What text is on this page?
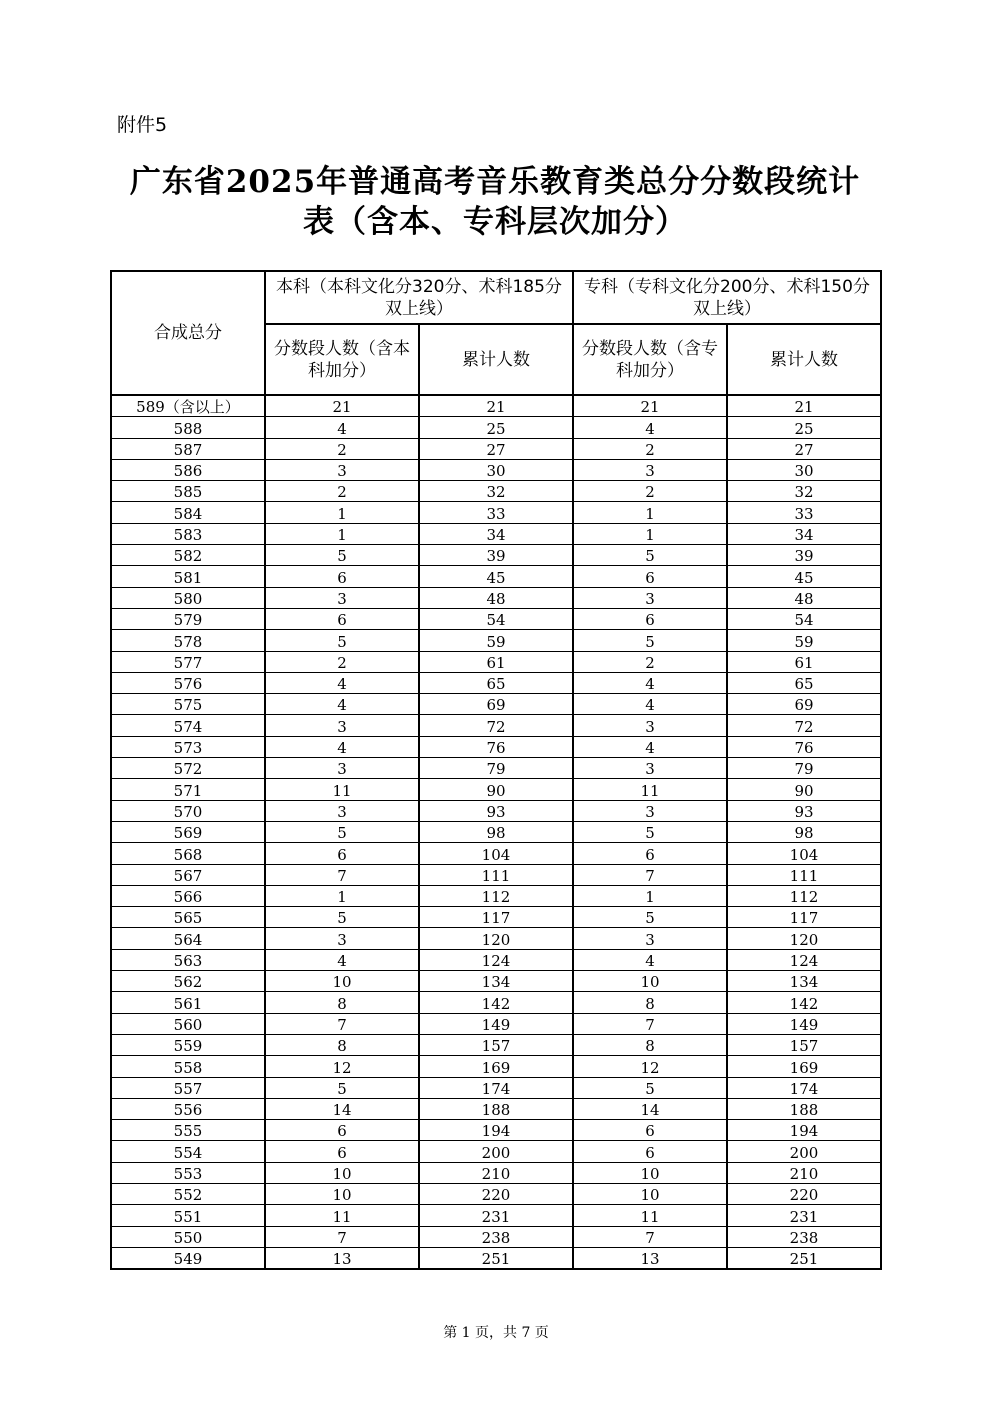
附件5
广东省2025年普通高考音乐教育类总分分数段统计
表（含本、专科层次加分）
合成总分	本科（本科文化分320分、术科185分双上线）		专科（专科文化分200分、术科150分双上线）	
	分数段人数（含本科加分）	累计人数	分数段人数（含专科加分）	累计人数
589（含以上）	21	21	21	21
588	4	25	4	25
587	2	27	2	27
586	3	30	3	30
585	2	32	2	32
584	1	33	1	33
583	1	34	1	34
582	5	39	5	39
581	6	45	6	45
580	3	48	3	48
579	6	54	6	54
578	5	59	5	59
577	2	61	2	61
576	4	65	4	65
575	4	69	4	69
574	3	72	3	72
573	4	76	4	76
572	3	79	3	79
571	11	90	11	90
570	3	93	3	93
569	5	98	5	98
568	6	104	6	104
567	7	111	7	111
566	1	112	1	112
565	5	117	5	117
564	3	120	3	120
563	4	124	4	124
562	10	134	10	134
561	8	142	8	142
560	7	149	7	149
559	8	157	8	157
558	12	169	12	169
557	5	174	5	174
556	14	188	14	188
555	6	194	6	194
554	6	200	6	200
553	10	210	10	210
552	10	220	10	220
551	11	231	11	231
550	7	238	7	238
549	13	251	13	251
第 1 页，共 7 页
